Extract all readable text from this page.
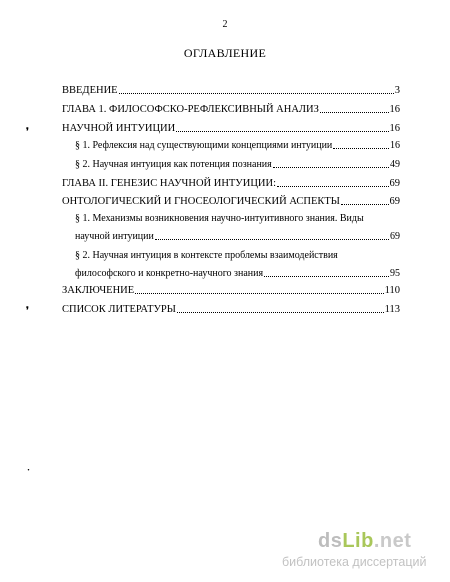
2
ОГЛАВЛЕНИЕ
ВВЕДЕНИЕ	3
ГЛАВА 1. ФИЛОСОФСКО-РЕФЛЕКСИВНЫЙ АНАЛИЗ	16
НАУЧНОЙ ИНТУИЦИИ	16
§ 1. Рефлексия над существующими концепциями интуиции	16
§ 2. Научная интуиция как потенция познания	49
ГЛАВА II. ГЕНЕЗИС НАУЧНОЙ ИНТУИЦИИ:	69
ОНТОЛОГИЧЕСКИЙ И ГНОСЕОЛОГИЧЕСКИЙ АСПЕКТЫ	69
§ 1. Механизмы возникновения научно-интуитивного знания. Виды
научной интуиции	69
§ 2. Научная интуиция в контексте проблемы взаимодействия
философского и конкретно-научного знания	95
ЗАКЛЮЧЕНИЕ	110
СПИСОК ЛИТЕРАТУРЫ	113
❜
❜
·
dsLib.net
библиотека диссертаций
